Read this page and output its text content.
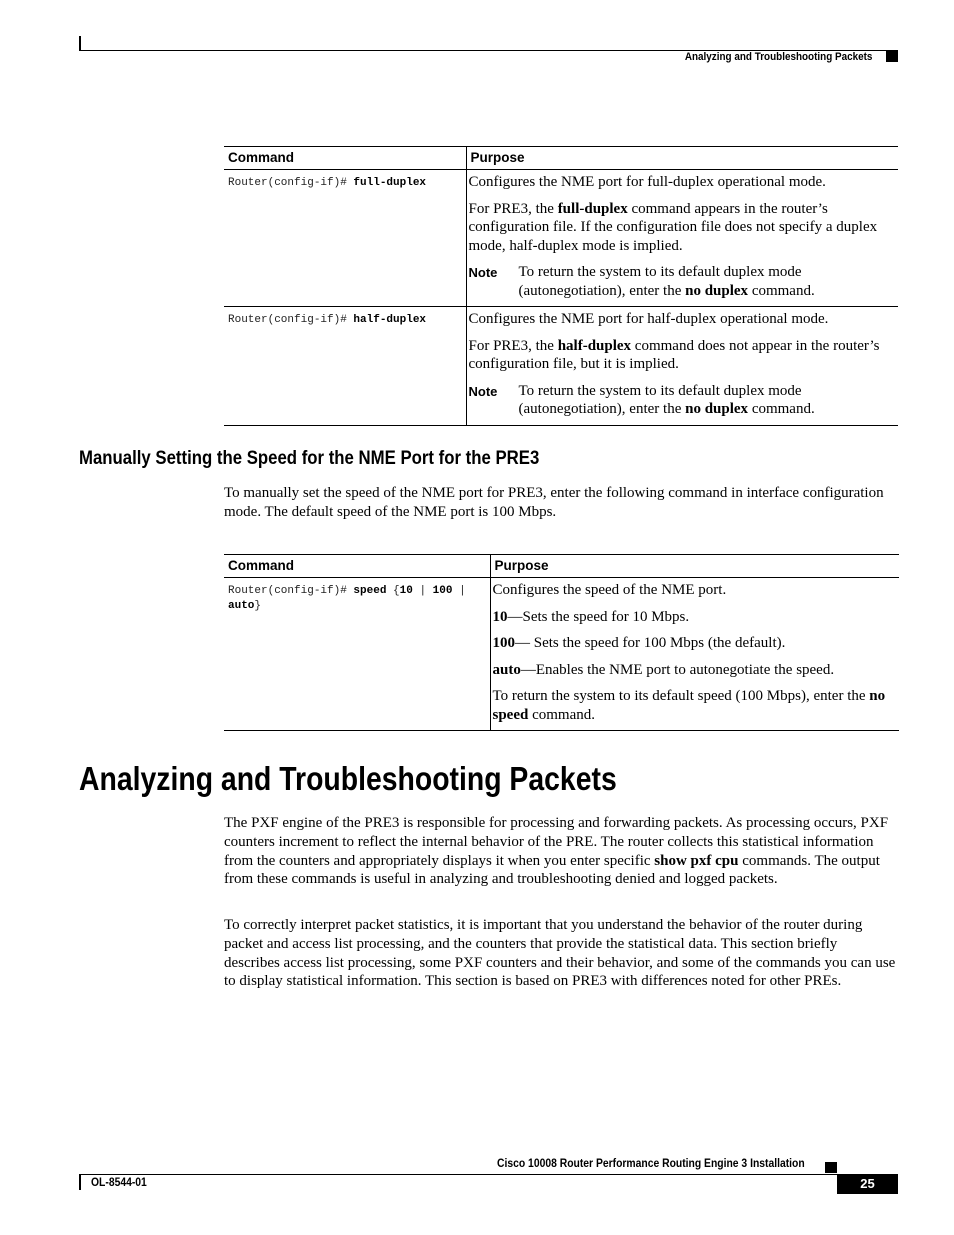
Analyzing and Troubleshooting Packets
Command	Purpose

Router(config-if)# full-duplex	Configures the NME port for full-duplex operational mode.

For PRE3, the full-duplex command appears in the router’s configuration file. If the configuration file does not specify a duplex mode, half-duplex mode is implied.

Note To return the system to its default duplex mode (autonegotiation), enter the no duplex command.

Router(config-if)# half-duplex	Configures the NME port for half-duplex operational mode.

For PRE3, the half-duplex command does not appear in the router’s configuration file, but it is implied.

Note To return the system to its default duplex mode (autonegotiation), enter the no duplex command.
Manually Setting the Speed for the NME Port for the PRE3

To manually set the speed of the NME port for PRE3, enter the following command in interface configuration mode. The default speed of the NME port is 100 Mbps.

Command	Purpose

Router(config-if)# speed {10 | 100 | auto}	Configures the speed of the NME port.

10—Sets the speed for 10 Mbps.

100— Sets the speed for 100 Mbps (the default).

auto—Enables the NME port to autonegotiate the speed.

To return the system to its default speed (100 Mbps), enter the no speed command.

Analyzing and Troubleshooting Packets

The PXF engine of the PRE3 is responsible for processing and forwarding packets. As processing occurs, PXF counters increment to reflect the internal behavior of the PRE. The router collects this statistical information from the counters and appropriately displays it when you enter specific show pxf cpu commands. The output from these commands is useful in analyzing and troubleshooting denied and logged packets.

To correctly interpret packet statistics, it is important that you understand the behavior of the router during packet and access list processing, and the counters that provide the statistical data. This section briefly describes access list processing, some PXF counters and their behavior, and some of the commands you can use to display statistical information. This section is based on PRE3 with differences noted for other PREs.

Cisco 10008 Router Performance Routing Engine 3 Installation
OL-8544-01	25
